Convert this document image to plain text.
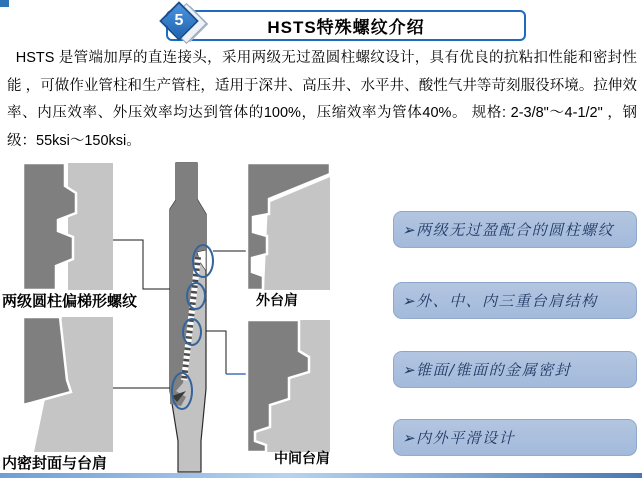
HSTS特殊螺纹介绍
5

HSTS 是管端加厚的直连接头，采用两级无过盈圆柱螺纹设计，具有优良的抗粘扣性能和密封性能 ，可做作业管柱和生产管柱，适用于深井、高压井、水平井、酸性气井等苛刻服役环境。拉伸效率、内压效率、外压效率均达到管体的100%，压缩效率为管体40%。 规格: 2-3/8"～4-1/2" ，钢级：55ksi～150ksi。

两级圆柱偏梯形螺纹	外台肩
内密封面与台肩	中间台肩
➢两级无过盈配合的圆柱螺纹
➢外、中、内三重台肩结构
➢锥面/锥面的金属密封
➢内外平滑设计
